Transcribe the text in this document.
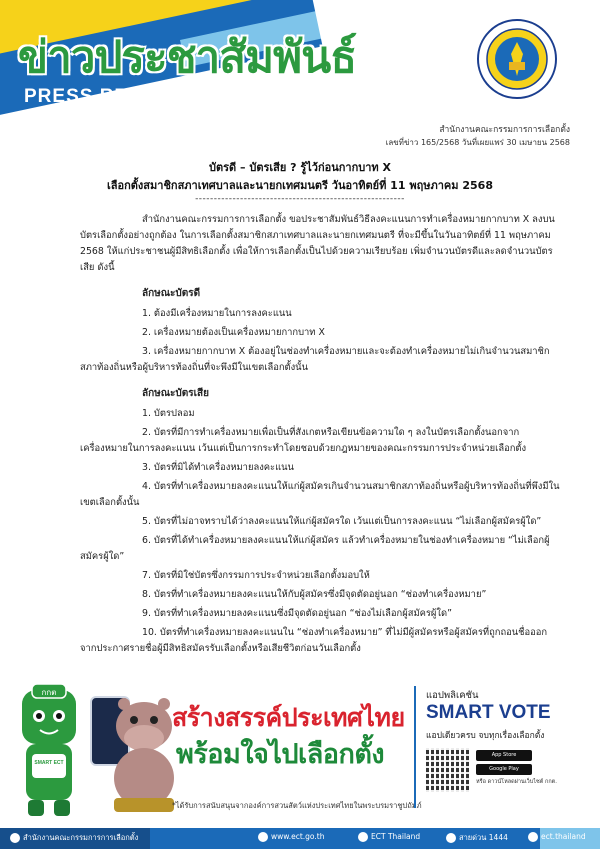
ข่าวประชาสัมพันธ์
PRESS RELEASE
สำนักงานคณะกรรมการการเลือกตั้ง
เลขที่ข่าว 165/2568 วันที่เผยแพร่ 30 เมษายน 2568
บัตรดี – บัตรเสีย ? รู้ไว้ก่อนกากบาท X
เลือกตั้งสมาชิกสภาเทศบาลและนายกเทศมนตรี วันอาทิตย์ที่ 11 พฤษภาคม 2568
--------------------------------------------------------

สำนักงานคณะกรรมการการเลือกตั้ง ขอประชาสัมพันธ์วิธีลงคะแนนการทำเครื่องหมายกากบาท X ลงบนบัตรเลือกตั้งอย่างถูกต้อง ในการเลือกตั้งสมาชิกสภาเทศบาลและนายกเทศมนตรี ที่จะมีขึ้นในวันอาทิตย์ที่ 11 พฤษภาคม 2568 ให้แก่ประชาชนผู้มีสิทธิเลือกตั้ง เพื่อให้การเลือกตั้งเป็นไปด้วยความเรียบร้อย เพิ่มจำนวนบัตรดีและลดจำนวนบัตรเสีย ดังนี้

ลักษณะบัตรดี

1. ต้องมีเครื่องหมายในการลงคะแนน

2. เครื่องหมายต้องเป็นเครื่องหมายกากบาท X

3. เครื่องหมายกากบาท X ต้องอยู่ในช่องทำเครื่องหมายและจะต้องทำเครื่องหมายไม่เกินจำนวนสมาชิกสภาท้องถิ่นหรือผู้บริหารท้องถิ่นที่จะพึงมีในเขตเลือกตั้งนั้น

ลักษณะบัตรเสีย

1. บัตรปลอม

2. บัตรที่มีการทำเครื่องหมายเพื่อเป็นที่สังเกตหรือเขียนข้อความใด ๆ ลงในบัตรเลือกตั้งนอกจากเครื่องหมายในการลงคะแนน เว้นแต่เป็นการกระทำโดยชอบด้วยกฎหมายของคณะกรรมการประจำหน่วยเลือกตั้ง

3. บัตรที่มิได้ทำเครื่องหมายลงคะแนน

4. บัตรที่ทำเครื่องหมายลงคะแนนให้แก่ผู้สมัครเกินจำนวนสมาชิกสภาท้องถิ่นหรือผู้บริหารท้องถิ่นที่พึงมีในเขตเลือกตั้งนั้น

5. บัตรที่ไม่อาจทราบได้ว่าลงคะแนนให้แก่ผู้สมัครใด เว้นแต่เป็นการลงคะแนน “ไม่เลือกผู้สมัครผู้ใด”

6. บัตรที่ได้ทำเครื่องหมายลงคะแนนให้แก่ผู้สมัคร แล้วทำเครื่องหมายในช่องทำเครื่องหมาย “ไม่เลือกผู้สมัครผู้ใด”

7. บัตรที่มิใช่บัตรซึ่งกรรมการประจำหน่วยเลือกตั้งมอบให้

8. บัตรที่ทำเครื่องหมายลงคะแนนให้กับผู้สมัครซึ่งมีจุดตัดอยู่นอก “ช่องทำเครื่องหมาย”

9. บัตรที่ทำเครื่องหมายลงคะแนนซึ่งมีจุดตัดอยู่นอก “ช่องไม่เลือกผู้สมัครผู้ใด”

10. บัตรที่ทำเครื่องหมายลงคะแนนใน “ช่องทำเครื่องหมาย” ที่ไม่มีผู้สมัครหรือผู้สมัครที่ถูกถอนชื่อออกจากประกาศรายชื่อผู้มีสิทธิสมัครรับเลือกตั้งหรือเสียชีวิตก่อนวันเลือกตั้ง

กกต
SMART ECT
สร้างสรรค์ประเทศไทย
พร้อมใจไปเลือกตั้ง
*ได้รับการสนับสนุนจากองค์การสวนสัตว์แห่งประเทศไทยในพระบรมราชูปถัมภ์
แอปพลิเคชัน
SMART VOTE
แอปเดียวครบ จบทุกเรื่องเลือกตั้ง
App Store
Google Play
หรือ ดาวน์โหลดผ่านเว็บไซต์ กกต.
สำนักงานคณะกรรมการการเลือกตั้ง	www.ect.go.th	ECT Thailand	สายด่วน 1444	ect.thailand
